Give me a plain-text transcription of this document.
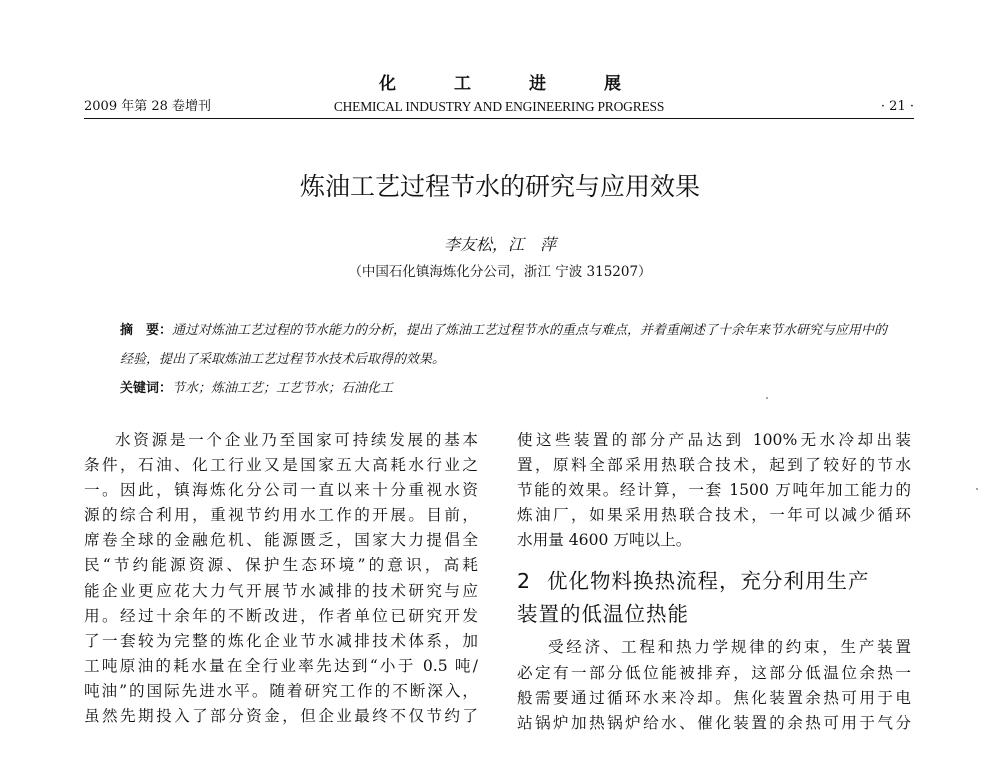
化工进展
2009 年第 28 卷增刊	CHEMICAL INDUSTRY AND ENGINEERING PROGRESS	· 21 ·
炼油工艺过程节水的研究与应用效果
李友松，江　萍
（中国石化镇海炼化分公司，浙江 宁波 315207）
摘　要：通过对炼油工艺过程的节水能力的分析，提出了炼油工艺过程节水的重点与难点，并着重阐述了十余年来节水研究与应用中的经验，提出了采取炼油工艺过程节水技术后取得的效果。
关键词：节水；炼油工艺；工艺节水；石油化工

水资源是一个企业乃至国家可持续发展的基本

条件，石油、化工行业又是国家五大高耗水行业之

一。因此，镇海炼化分公司一直以来十分重视水资

源的综合利用，重视节约用水工作的开展。目前，

席卷全球的金融危机、能源匮乏，国家大力提倡全

民“节约能源资源、保护生态环境”的意识，高耗

能企业更应花大力气开展节水减排的技术研究与应

用。经过十余年的不断改进，作者单位已研究开发

了一套较为完整的炼化企业节水减排技术体系，加

工吨原油的耗水量在全行业率先达到“小于 0.5 吨/

吨油”的国际先进水平。随着研究工作的不断深入，

虽然先期投入了部分资金，但企业最终不仅节约了

使这些装置的部分产品达到 100%无水冷却出装

置，原料全部采用热联合技术，起到了较好的节水

节能的效果。经计算，一套 1500 万吨年加工能力的

炼油厂，如果采用热联合技术，一年可以减少循环

水用量 4600 万吨以上。

2 优化物料换热流程，充分利用生产
装置的低温位热能

受经济、工程和热力学规律的约束，生产装置

必定有一部分低位能被排弃，这部分低温位余热一

般需要通过循环水来冷却。焦化装置余热可用于电

站锅炉加热锅炉给水、催化装置的余热可用于气分
